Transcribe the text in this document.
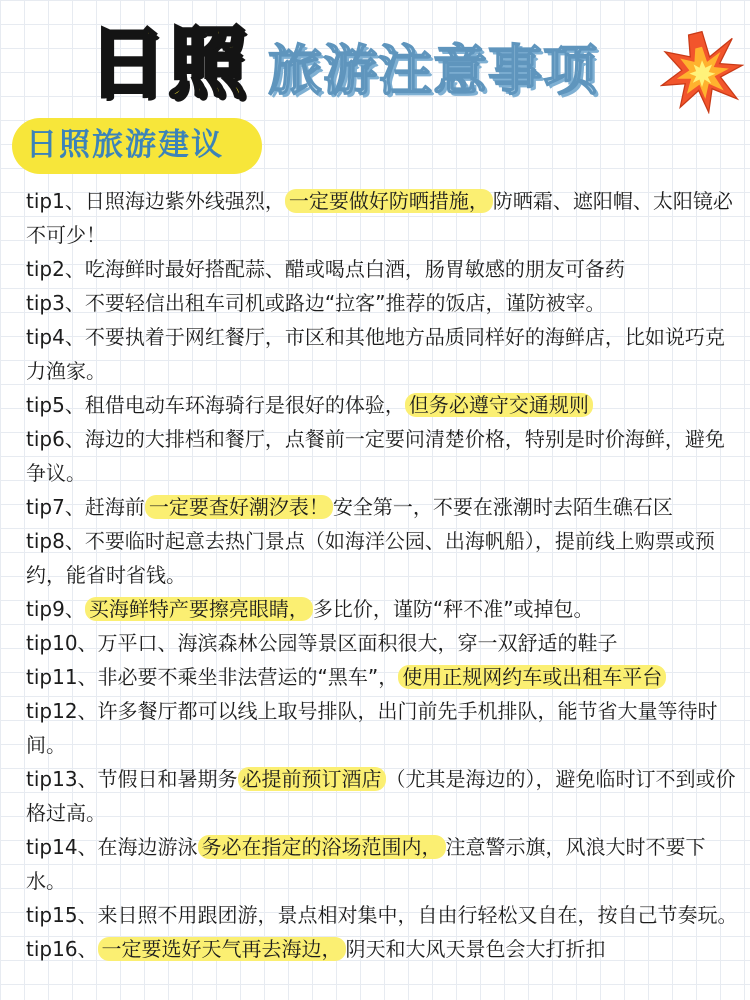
日照 旅游注意事项
日照旅游建议
tip1、日照海边紫外线强烈， 一定要做好防晒措施， 防晒霜、遮阳帽、太阳镜必不可少！
tip2、吃海鲜时最好搭配蒜、醋或喝点白酒，肠胃敏感的朋友可备药
tip3、不要轻信出租车司机或路边“拉客”推荐的饭店，谨防被宰。
tip4、不要执着于网红餐厅，市区和其他地方品质同样好的海鲜店，比如说巧克力渔家。
tip5、租借电动车环海骑行是很好的体验， 但务必遵守交通规则
tip6、海边的大排档和餐厅，点餐前一定要问清楚价格，特别是时价海鲜，避免争议。
tip7、赶海前 一定要查好潮汐表！ 安全第一，不要在涨潮时去陌生礁石区
tip8、不要临时起意去热门景点（如海洋公园、出海帆船），提前线上购票或预约，能省时省钱。
tip9、 买海鲜特产要擦亮眼睛， 多比价，谨防“秤不准”或掉包。
tip10、万平口、海滨森林公园等景区面积很大，穿一双舒适的鞋子
tip11、非必要不乘坐非法营运的“黑车”， 使用正规网约车或出租车平台
tip12、许多餐厅都可以线上取号排队，出门前先手机排队，能节省大量等待时间。
tip13、节假日和暑期务 必提前预订酒店 （尤其是海边的），避免临时订不到或价格过高。
tip14、在海边游泳 务必在指定的浴场范围内， 注意警示旗，风浪大时不要下水。
tip15、来日照不用跟团游，景点相对集中，自由行轻松又自在，按自己节奏玩。
tip16、 一定要选好天气再去海边， 阴天和大风天景色会大打折扣
